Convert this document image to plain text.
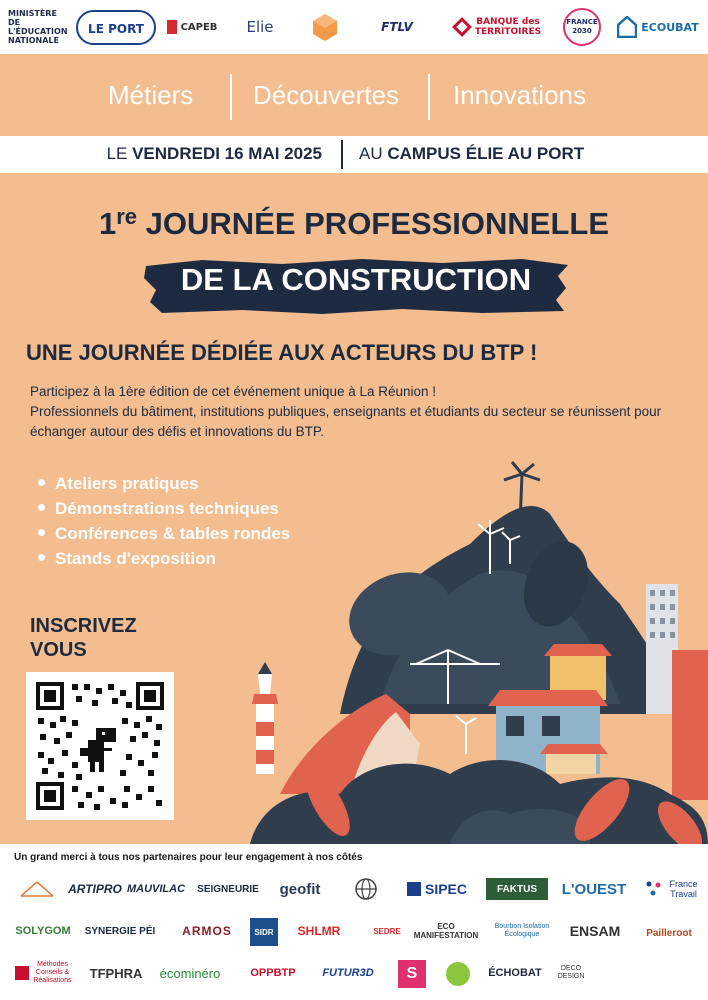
MINISTÈRE
DE L'ÉDUCATION
NATIONALE
LE PORT	CAPEB Elie	FTLV	BANQUE des
TERRITOIRES
FRANCE
2030	ECOUBAT
Métiers Découvertes Innovations
LE VENDREDI 16 MAI 2025 AU CAMPUS ÉLIE AU PORT
1re JOURNÉE PROFESSIONNELLE
DE LA CONSTRUCTION
UNE JOURNÉE DÉDIÉE AUX ACTEURS DU BTP !

Participez à la 1ère édition de cet événement unique à La Réunion !

Professionnels du bâtiment, institutions publiques, enseignants et étudiants du secteur se réunissent pour échanger autour des défis et innovations du BTP.

Ateliers pratiques
Démonstrations techniques
Conférences & tables rondes
Stands d'exposition
INSCRIVEZ
VOUS
Un grand merci à tous nos partenaires pour leur engagement à nos côtés
ARTIPRO MAUVILAC SEIGNEURIE geofit	SIPEC	FAKTUS L'OUEST	France Travail
SOLYGOM SYNERGIE PÉI ARMOS	SIDR SHLMR	SEDRE	ECO MANIFESTATION
Bourbon Isolation Écologique	ENSAM	Pailleroot
Méthodes Conseils & Réalisations TFPHRA écominéro	OPPBTP FUTUR3D S	ÉCHOBAT	DECO DESIGN
